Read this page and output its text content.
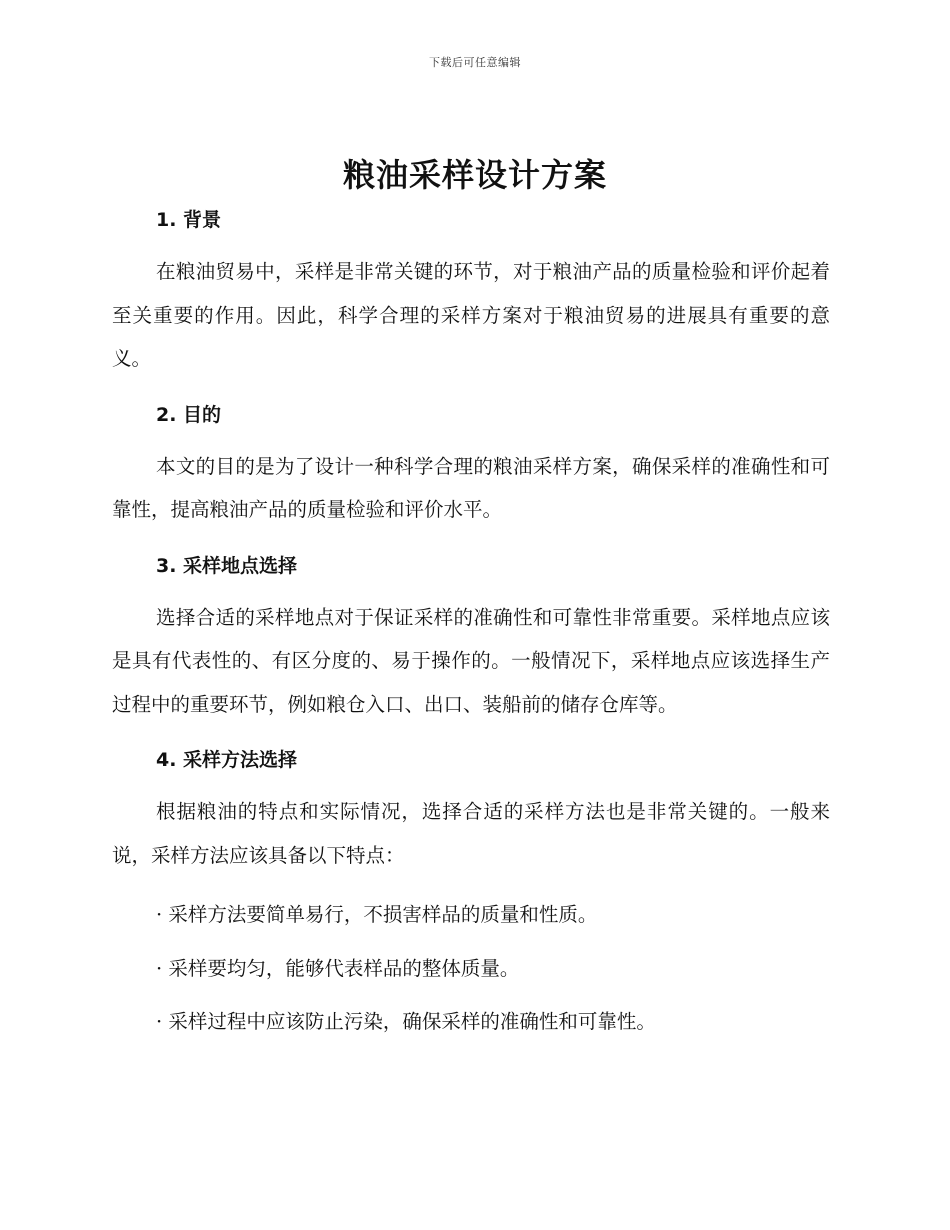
下载后可任意编辑
粮油采样设计方案
1. 背景

在粮油贸易中，采样是非常关键的环节，对于粮油产品的质量检验和评价起着至关重要的作用。因此，科学合理的采样方案对于粮油贸易的进展具有重要的意义。

2. 目的

本文的目的是为了设计一种科学合理的粮油采样方案，确保采样的准确性和可靠性，提高粮油产品的质量检验和评价水平。

3. 采样地点选择

选择合适的采样地点对于保证采样的准确性和可靠性非常重要。采样地点应该是具有代表性的、有区分度的、易于操作的。一般情况下，采样地点应该选择生产过程中的重要环节，例如粮仓入口、出口、装船前的储存仓库等。

4. 采样方法选择

根据粮油的特点和实际情况，选择合适的采样方法也是非常关键的。一般来说，采样方法应该具备以下特点：

· 采样方法要简单易行，不损害样品的质量和性质。
· 采样要均匀，能够代表样品的整体质量。
· 采样过程中应该防止污染，确保采样的准确性和可靠性。
